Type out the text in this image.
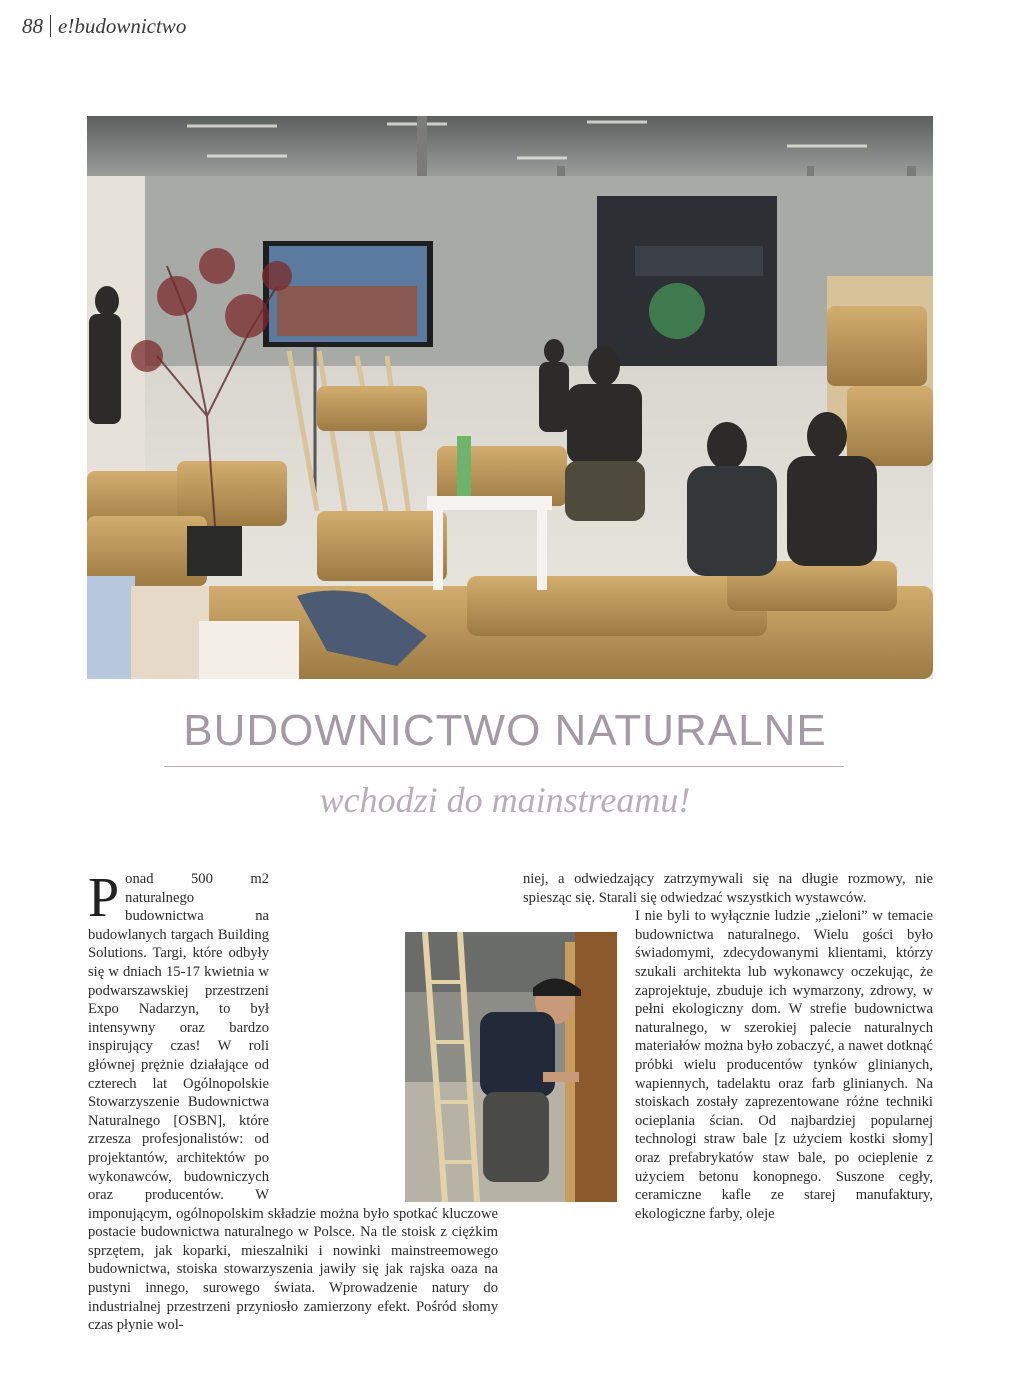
88 e!budownictwo
BUDOWNICTWO NATURALNE
wchodzi do mainstreamu!

P onad 500 m2 naturalnego budownictwa na budowlanych targach Building Solutions. Targi, które odbyły się w dniach 15-17 kwietnia w podwarszawskiej przestrzeni Expo Nadarzyn, to był intensywny oraz bardzo inspirujący czas! W roli głównej prężnie działające od czterech lat Ogólnopolskie Stowarzyszenie Budownictwa Naturalnego [OSBN], które zrzesza profesjonalistów: od projektantów, architektów po wykonawców, budowniczych oraz producentów. W imponującym, ogólnopolskim składzie można było spotkać kluczowe postacie budownictwa naturalnego w Polsce. Na tle stoisk z ciężkim sprzętem, jak koparki, mieszalniki i nowinki mainstreemowego budownictwa, stoiska stowarzyszenia jawiły się jak rajska oaza na pustyni innego, surowego świata. Wprowadzenie natury do industrialnej przestrzeni przyniosło zamierzony efekt. Pośród słomy czas płynie wol-

niej, a odwiedzający zatrzymywali się na długie rozmowy, nie spiesząc się. Starali się odwiedzać wszystkich wystawców.

I nie byli to wyłącznie ludzie „zieloni” w temacie budownictwa naturalnego. Wielu gości było świadomymi, zdecydowanymi klientami, którzy szukali architekta lub wykonawcy oczekując, że zaprojektuje, zbuduje ich wymarzony, zdrowy, w pełni ekologiczny dom. W strefie budownictwa naturalnego, w szerokiej palecie naturalnych materiałów można było zobaczyć, a nawet dotknąć próbki wielu producentów tynków glinianych, wapiennych, tadelaktu oraz farb glinianych. Na stoiskach zostały zaprezentowane różne techniki ocieplania ścian. Od najbardziej popularnej technologi straw bale [z użyciem kostki słomy] oraz prefabrykatów staw bale, po ocieplenie z użyciem betonu konopnego. Suszone cegły, ceramiczne kafle ze starej manufaktury, ekologiczne farby, oleje
